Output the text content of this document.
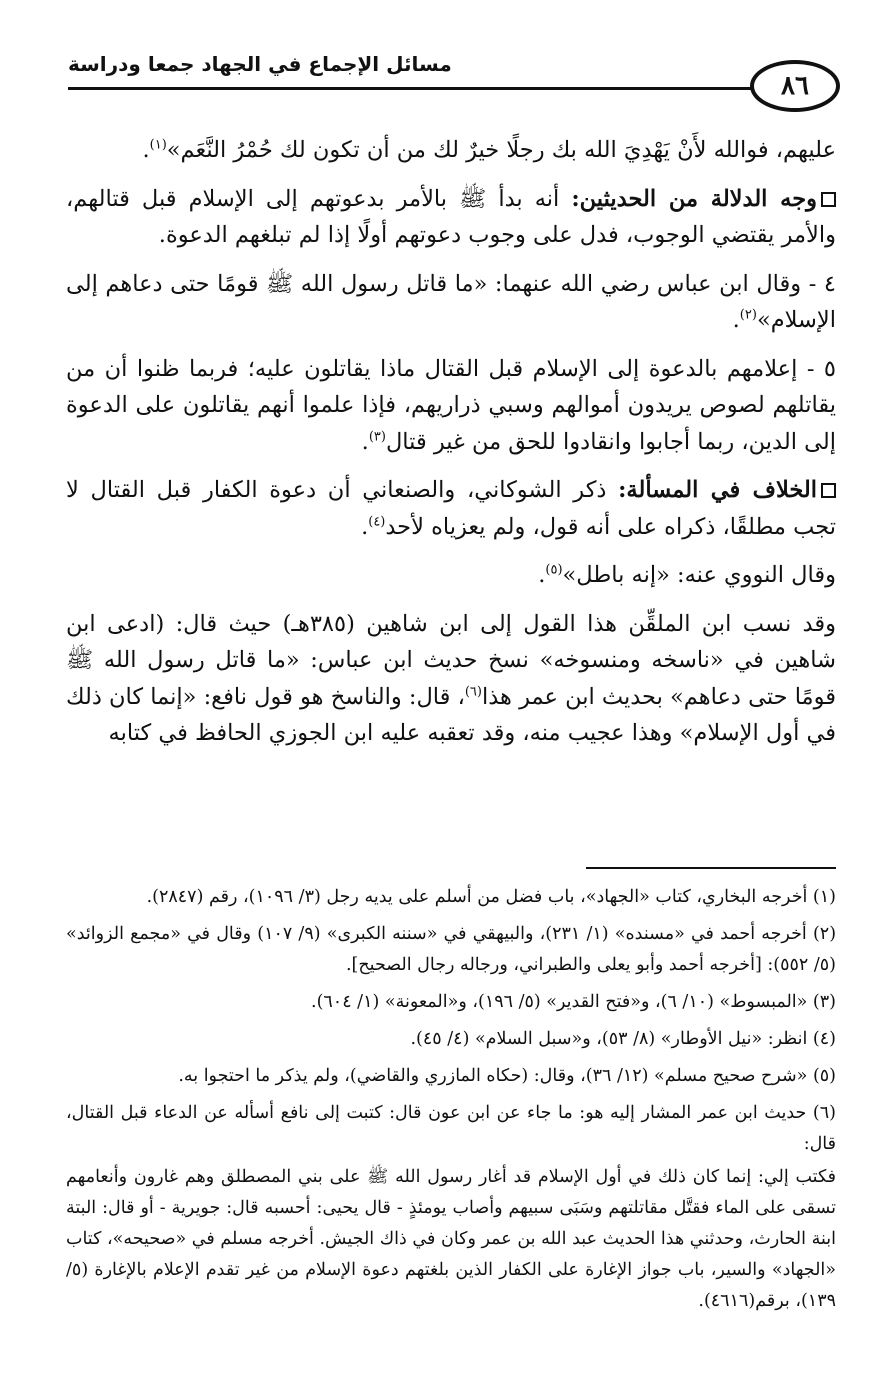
مسائل الإجماع في الجهاد جمعا ودراسة
٨٦

عليهم، فوالله لأَنْ يَهْدِيَ الله بك رجلًا خيرٌ لك من أن تكون لك حُمْرُ النَّعَم»$^{(١)}$.

وجه الدلالة من الحديثين: أنه بدأ ﷺ بالأمر بدعوتهم إلى الإسلام قبل قتالهم، والأمر يقتضي الوجوب، فدل على وجوب دعوتهم أولًا إذا لم تبلغهم الدعوة.

٤ - وقال ابن عباس رضي الله عنهما: «ما قاتل رسول الله ﷺ قومًا حتى دعاهم إلى الإسلام»$^{(٢)}$.

٥ - إعلامهم بالدعوة إلى الإسلام قبل القتال ماذا يقاتلون عليه؛ فربما ظنوا أن من يقاتلهم لصوص يريدون أموالهم وسبي ذراريهم، فإذا علموا أنهم يقاتلون على الدعوة إلى الدين، ربما أجابوا وانقادوا للحق من غير قتال$^{(٣)}$.

الخلاف في المسألة: ذكر الشوكاني، والصنعاني أن دعوة الكفار قبل القتال لا تجب مطلقًا، ذكراه على أنه قول، ولم يعزياه لأحد$^{(٤)}$.

وقال النووي عنه: «إنه باطل»$^{(٥)}$.

وقد نسب ابن الملقِّن هذا القول إلى ابن شاهين (٣٨٥هـ) حيث قال: (ادعى ابن شاهين في «ناسخه ومنسوخه» نسخ حديث ابن عباس: «ما قاتل رسول الله ﷺ قومًا حتى دعاهم» بحديث ابن عمر هذا$^{(٦)}$، قال: والناسخ هو قول نافع: «إنما كان ذلك في أول الإسلام» وهذا عجيب منه، وقد تعقبه عليه ابن الجوزي الحافظ في كتابه

(١) أخرجه البخاري، كتاب «الجهاد»، باب فضل من أسلم على يديه رجل (٣/ ١٠٩٦)، رقم (٢٨٤٧).

(٢) أخرجه أحمد في «مسنده» (١/ ٢٣١)، والبيهقي في «سننه الكبرى» (٩/ ١٠٧) وقال في «مجمع الزوائد» (٥/ ٥٥٢): [أخرجه أحمد وأبو يعلى والطبراني، ورجاله رجال الصحيح].

(٣) «المبسوط» (١٠/ ٦)، و«فتح القدير» (٥/ ١٩٦)، و«المعونة» (١/ ٦٠٤).

(٤) انظر: «نيل الأوطار» (٨/ ٥٣)، و«سبل السلام» (٤/ ٤٥).

(٥) «شرح صحيح مسلم» (١٢/ ٣٦)، وقال: (حكاه المازري والقاضي)، ولم يذكر ما احتجوا به.

(٦) حديث ابن عمر المشار إليه هو: ما جاء عن ابن عون قال: كتبت إلى نافع أسأله عن الدعاء قبل القتال، قال:

فكتب إلي: إنما كان ذلك في أول الإسلام قد أغار رسول الله ﷺ على بني المصطلق وهم غارون وأنعامهم تسقى على الماء فقتَّل مقاتلتهم وسَبَى سبيهم وأصاب يومئذٍ - قال يحيى: أحسبه قال: جويرية - أو قال: البتة ابنة الحارث، وحدثني هذا الحديث عبد الله بن عمر وكان في ذاك الجيش. أخرجه مسلم في «صحيحه»، كتاب «الجهاد» والسير، باب جواز الإغارة على الكفار الذين بلغتهم دعوة الإسلام من غير تقدم الإعلام بالإغارة (٥/ ١٣٩)، برقم(٤٦١٦).
